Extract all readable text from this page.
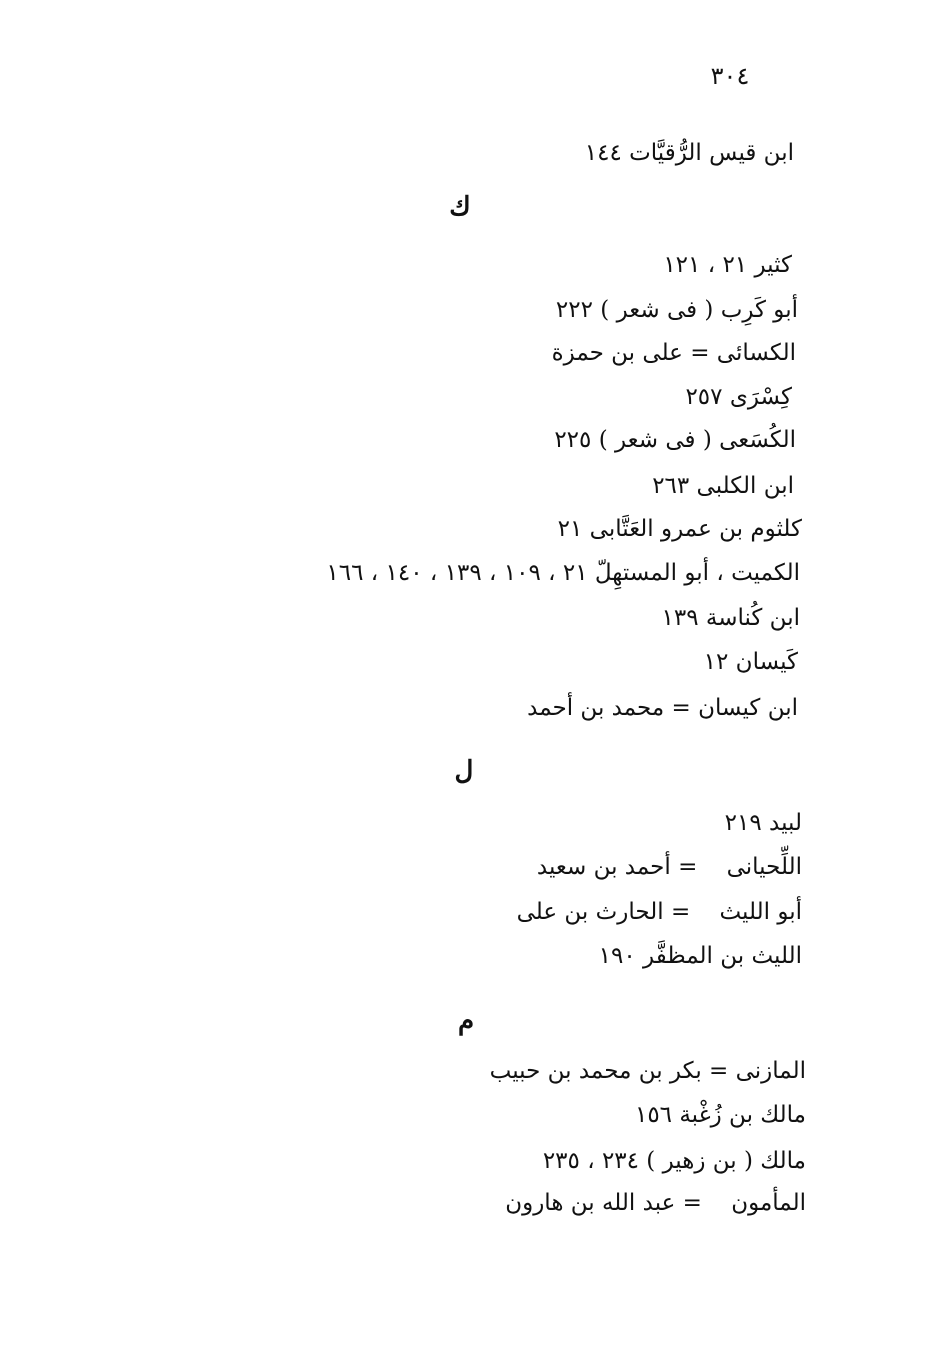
٣٠٤
ابن قيس الرُّقيَّات ١٤٤
ك
كثير ٢١ ، ١٢١
أبو كَرِب ( فى شعر ) ٢٢٢
الكسائى = على بن حمزة
كِسْرَى ٢٥٧
الكُسَعى ( فى شعر ) ٢٢٥
ابن الكلبى ٢٦٣
كلثوم بن عمرو العَتَّابى ٢١
الكميت ، أبو المستهِلّ ٢١ ، ١٠٩ ، ١٣٩ ، ١٤٠ ، ١٦٦
ابن كُناسة ١٣٩
كَيسان ١٢
ابن كيسان = محمد بن أحمد
ل
لبيد ٢١٩
اللِّحيانى    = أحمد بن سعيد
أبو الليث    = الحارث بن على
الليث بن المظفَّر ١٩٠
م
المازنى = بكر بن محمد بن حبيب
مالك بن زُغْبة ١٥٦
مالك ( بن زهير ) ٢٣٤ ، ٢٣٥
المأمون    = عبد الله بن هارون
